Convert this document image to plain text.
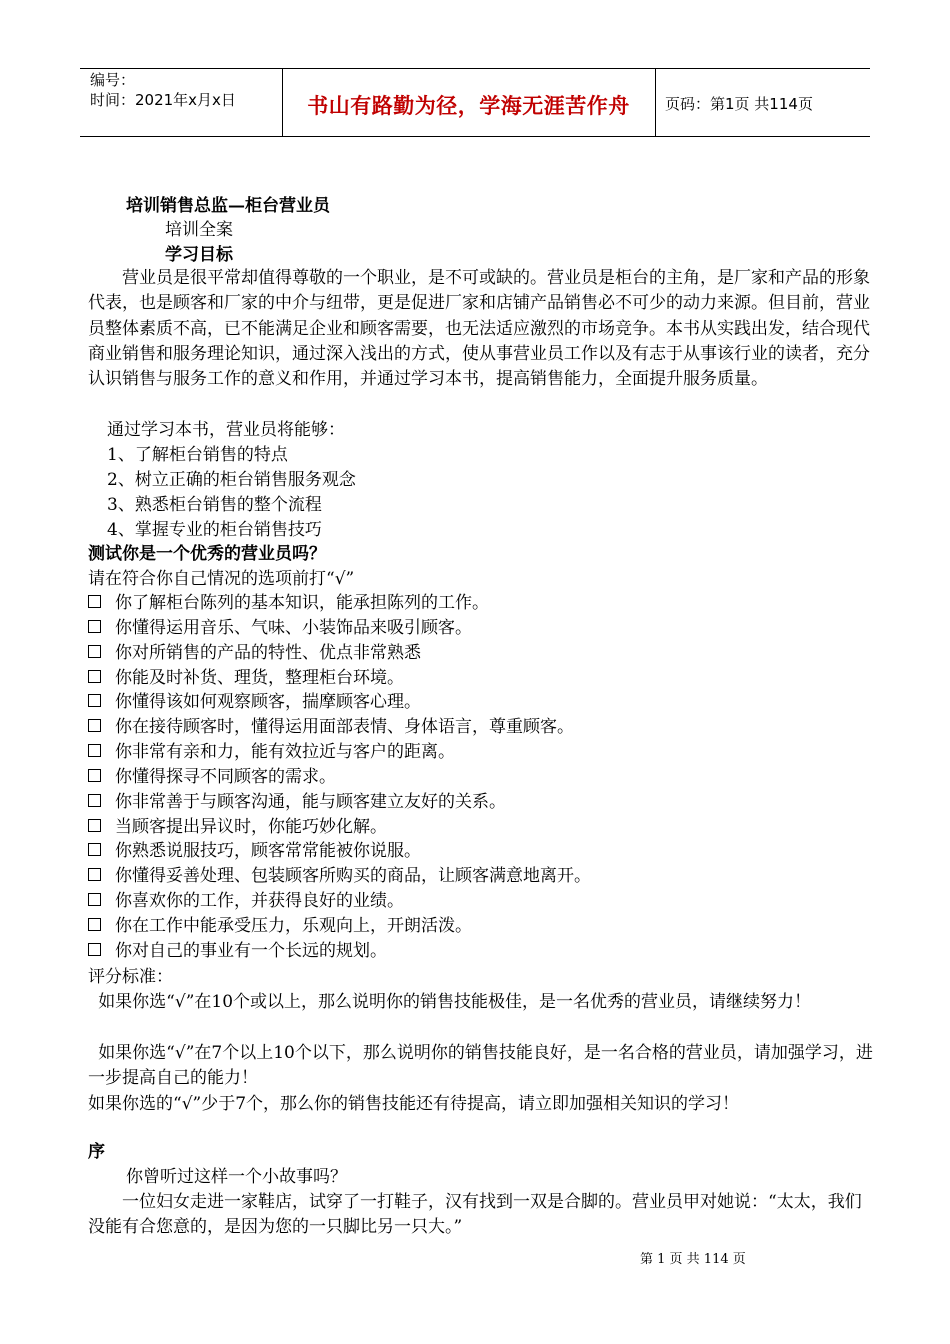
编号：
时间：2021年x月x日	书山有路勤为径，学海无涯苦作舟	页码：第1页 共114页
培训销售总监—柜台营业员
培训全案
学习目标
营业员是很平常却值得尊敬的一个职业，是不可或缺的。营业员是柜台的主角，是厂家和产品的形象代表，也是顾客和厂家的中介与纽带，更是促进厂家和店铺产品销售必不可少的动力来源。但目前，营业员整体素质不高，已不能满足企业和顾客需要，也无法适应激烈的市场竞争。本书从实践出发，结合现代商业销售和服务理论知识，通过深入浅出的方式，使从事营业员工作以及有志于从事该行业的读者，充分认识销售与服务工作的意义和作用，并通过学习本书，提高销售能力，全面提升服务质量。
通过学习本书，营业员将能够：
1、了解柜台销售的特点
2、树立正确的柜台销售服务观念
3、熟悉柜台销售的整个流程
4、掌握专业的柜台销售技巧
测试你是一个优秀的营业员吗？
请在符合你自己情况的选项前打“√”
你了解柜台陈列的基本知识，能承担陈列的工作。
你懂得运用音乐、气味、小装饰品来吸引顾客。
你对所销售的产品的特性、优点非常熟悉
你能及时补货、理货，整理柜台环境。
你懂得该如何观察顾客，揣摩顾客心理。
你在接待顾客时，懂得运用面部表情、身体语言，尊重顾客。
你非常有亲和力，能有效拉近与客户的距离。
你懂得探寻不同顾客的需求。
你非常善于与顾客沟通，能与顾客建立友好的关系。
当顾客提出异议时，你能巧妙化解。
你熟悉说服技巧，顾客常常能被你说服。
你懂得妥善处理、包装顾客所购买的商品，让顾客满意地离开。
你喜欢你的工作，并获得良好的业绩。
你在工作中能承受压力，乐观向上，开朗活泼。
你对自己的事业有一个长远的规划。
评分标准：
如果你选“√”在10个或以上，那么说明你的销售技能极佳，是一名优秀的营业员，请继续努力！
如果你选“√”在7个以上10个以下，那么说明你的销售技能良好，是一名合格的营业员，请加强学习，进一步提高自己的能力！
如果你选的“√”少于7个，那么你的销售技能还有待提高，请立即加强相关知识的学习！
序
你曾听过这样一个小故事吗？
一位妇女走进一家鞋店，试穿了一打鞋子，汉有找到一双是合脚的。营业员甲对她说：“太太，我们没能有合您意的，是因为您的一只脚比另一只大。”
第 1 页 共 114 页
